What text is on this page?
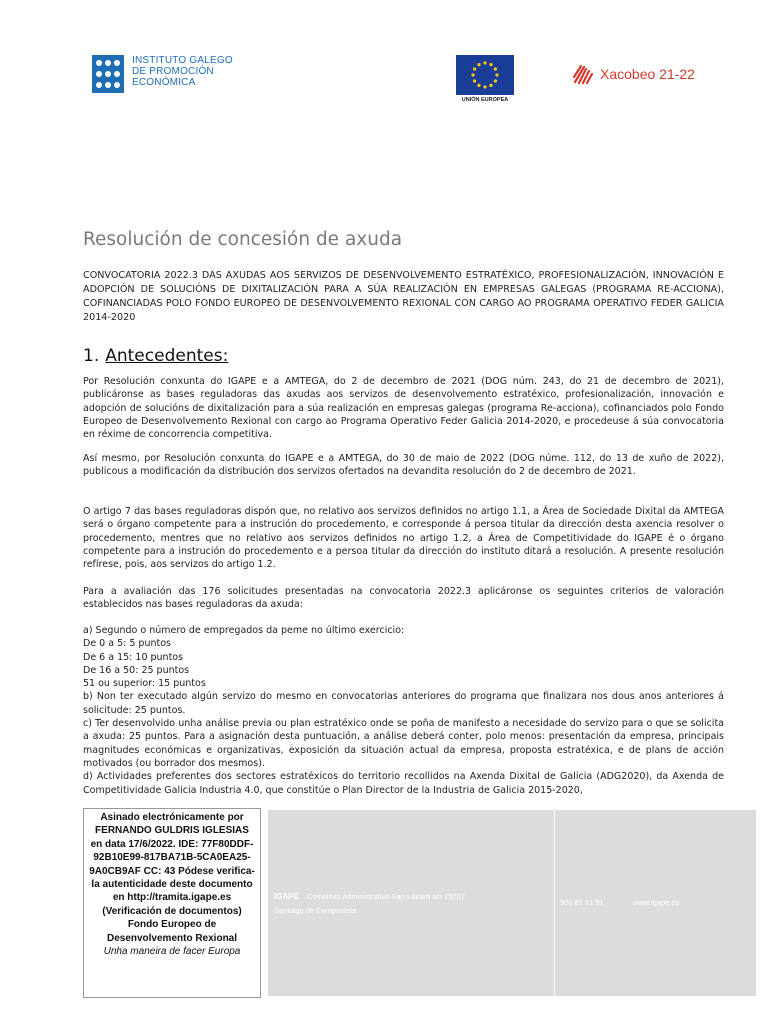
INSTITUTO GALEGO
DE PROMOCIÓN
ECONÓMICA
UNIÓN EUROPEA
Xacobeo 21-22
Resolución de concesión de axuda
CONVOCATORIA 2022.3 DAS AXUDAS AOS SERVIZOS DE DESENVOLVEMENTO ESTRATÉXICO, PROFESIONALIZACIÓN, INNOVACIÓN E ADOPCIÓN DE SOLUCIÓNS DE DIXITALIZACIÓN PARA A SÚA REALIZACIÓN EN EMPRESAS GALEGAS (PROGRAMA RE-ACCIONA), COFINANCIADAS POLO FONDO EUROPEO DE DESENVOLVEMENTO REXIONAL CON CARGO AO PROGRAMA OPERATIVO FEDER GALICIA 2014-2020
1. Antecedentes:

Por Resolución conxunta do IGAPE e a AMTEGA, do 2 de decembro de 2021 (DOG núm. 243, do 21 de decembro de 2021), publicáronse as bases reguladoras das axudas aos servizos de desenvolvemento estratéxico, profesionalización, innovación e adopción de solucións de dixitalización para a súa realización en empresas galegas (programa Re-acciona), cofinanciados polo Fondo Europeo de Desenvolvemento Rexional con cargo ao Programa Operativo Feder Galicia 2014-2020, e procedeuse á súa convocatoria en réxime de concorrencia competitiva.

Así mesmo, por Resolución conxunta do IGAPE e a AMTEGA, do 30 de maio de 2022 (DOG núme. 112, do 13 de xuño de 2022), publicous a modificación da distribución dos servizos ofertados na devandita resolución do 2 de decembro de 2021.

O artigo 7 das bases reguladoras dispón que, no relativo aos servizos definidos no artigo 1.1, a Área de Sociedade Dixital da AMTEGA será o órgano competente para a instrución do procedemento, e corresponde á persoa titular da dirección desta axencia resolver o procedemento, mentres que no relativo aos servizos definidos no artigo 1.2, a Área de Competitividade do IGAPE é o órgano competente para a instrución do procedemento e a persoa titular da dirección do instituto ditará a resolución. A presente resolución refírese, pois, aos servizos do artigo 1.2.

Para a avaliación das 176 solicitudes presentadas na convocatoria 2022.3 aplicáronse os seguintes criterios de valoración establecidos nas bases reguladoras da axuda:

a) Segundo o número de empregados da peme no último exercicio:

De 0 a 5: 5 puntos

De 6 a 15: 10 puntos

De 16 a 50: 25 puntos

51 ou superior: 15 puntos

b) Non ter executado algún servizo do mesmo en convocatorias anteriores do programa que finalizara nos dous anos anteriores á solicitude: 25 puntos.

c) Ter desenvolvido unha análise previa ou plan estratéxico onde se poña de manifesto a necesidade do servizo para o que se solicita a axuda: 25 puntos. Para a asignación desta puntuación, a análise deberá conter, polo menos: presentación da empresa, principais magnitudes económicas e organizativas, exposición da situación actual da empresa, proposta estratéxica, e de plans de acción motivados (ou borrador dos mesmos).

d) Actividades preferentes dos sectores estratéxicos do territorio recollidos na Axenda Dixital de Galicia (ADG2020), da Axenda de Competitividade Galicia Industria 4.0, que constitúe o Plan Director de la Industria de Galicia 2015-2020,

IGAPE Complexo Administrativo San Lázaro s/n 15707
Santiago de Compostela
900 81 51 51	www.igape.es
Asinado electrónicamente por FERNANDO GULDRIS IGLESIAS en data 17/6/2022. IDE: 77F80DDF-92B10E99-817BA71B-5CA0EA25-9A0CB9AF CC: 43 Pódese verifica-la autenticidade deste documento en http://tramita.igape.es (Verificación de documentos) Fondo Europeo de Desenvolvemento Rexional
Unha maneira de facer Europa
